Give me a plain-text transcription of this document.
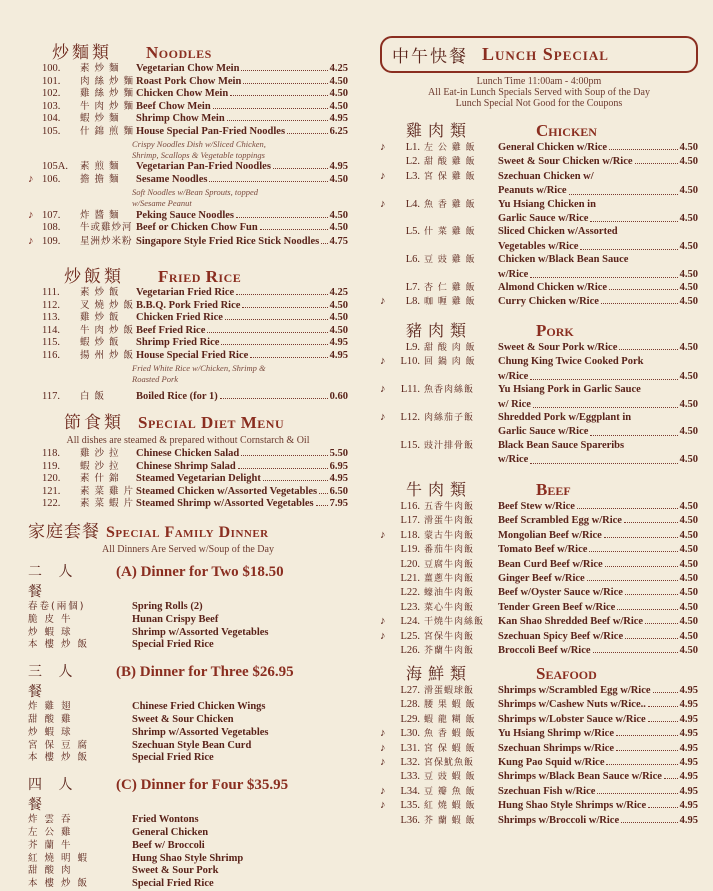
炒麵類 Noodles
100.	素 炒 麵	Vegetarian Chow Mein	4.25
101.	肉 絲 炒 麵 Roast Pork Chow Mein	4.50
102.	雞 絲 炒 麵 Chicken Chow Mein	4.50
103.	牛 肉 炒 麵 Beef Chow Mein	4.50
104.	蝦 炒 麵	Shrimp Chow Mein	4.95
105.	什 錦 煎 麵 House Special Pan-Fried Noodles	6.25
Crispy Noodles Dish w/Sliced Chicken,
Shrimp, Scallops & Vegetable toppings
105A.	素 煎 麵	Vegetarian Pan-Fried Noodles	4.95
♪ 106.	擔 擔 麵	Sesame Noodles	4.50
Soft Noodles w/Bean Sprouts, topped
w/Sesame Peanut
♪ 107.	炸 醬 麵	Peking Sauce Noodles	4.50
108.	牛或雞炒河 Beef or Chicken Chow Fun	4.50
♪ 109.	星洲炒米粉 Singapore Style Fried Rice Stick Noodles 4.75
炒飯類 Fried Rice
111.	素 炒 飯	Vegetarian Fried Rice	4.25
112.	叉 燒 炒 飯 B.B.Q. Pork Fried Rice	4.50
113.	雞 炒 飯	Chicken Fried Rice	4.50
114.	牛 肉 炒 飯 Beef Fried Rice	4.50
115.	蝦 炒 飯	Shrimp Fried Rice	4.95
116.	揚 州 炒 飯 House Special Fried Rice	4.95
Fried White Rice w/Chicken, Shrimp &
Roasted Pork
117.	白 飯	Boiled Rice (for 1)	0.60
節食類 Special Diet Menu
All dishes are steamed & prepared without Cornstarch & Oil
118.	雞 沙 拉	Chinese Chicken Salad	5.50
119.	蝦 沙 拉	Chinese Shrimp Salad	6.95
120.	素 什 錦	Steamed Vegetarian Delight	4.95
121.	素 菜 雞 片 Steamed Chicken w/Assorted Vegetables 6.50
122.	素 菜 蝦 片 Steamed Shrimp w/Assorted Vegetables 7.95
家庭套餐 Special Family Dinner
All Dinners Are Served w/Soup of the Day
二 人 餐
(A) Dinner for Two $18.50
春卷(兩個)	Spring Rolls (2)
脆 皮 牛	Hunan Crispy Beef
炒 蝦 球	Shrimp w/Assorted Vegetables
本 樓 炒 飯	Special Fried Rice
三 人 餐
(B) Dinner for Three $26.95
炸 雞 翅	Chinese Fried Chicken Wings
甜 酸 雞	Sweet & Sour Chicken
炒 蝦 球	Shrimp w/Assorted Vegetables
宮 保 豆 腐	Szechuan Style Bean Curd
本 樓 炒 飯	Special Fried Rice
四 人 餐
(C) Dinner for Four $35.95
炸 雲 吞	Fried Wontons
左 公 雞	General Chicken
芥 蘭 牛	Beef w/ Broccoli
紅 燒 明 蝦	Hung Shao Style Shrimp
甜 酸 肉	Sweet & Sour Pork
本 樓 炒 飯	Special Fried Rice
中午快餐 Lunch Special
Lunch Time 11:00am - 4:00pm
All Eat-in Lunch Specials Served with Soup of the Day
Lunch Special Not Good for the Coupons
雞肉類	Chicken
♪	L1. 左 公 雞 飯	General Chicken w/Rice	4.50
L2. 甜 酸 雞 飯	Sweet & Sour Chicken w/Rice	4.50
♪	L3. 宮 保 雞 飯	Szechuan Chicken w/
Peanuts w/Rice	4.50
♪	L4. 魚 香 雞 飯	Yu Hsiang Chicken in
Garlic Sauce w/Rice	4.50
L5. 什 菜 雞 飯	Sliced Chicken w/Assorted
Vegetables w/Rice	4.50
L6. 豆 豉 雞 飯	Chicken w/Black Bean Sauce
w/Rice	4.50
L7. 杏 仁 雞 飯	Almond Chicken w/Rice	4.50
♪	L8. 咖 喱 雞 飯	Curry Chicken w/Rice	4.50
豬肉類	Pork
L9. 甜 酸 肉 飯	Sweet & Sour Pork w/Rice	4.50
♪	L10. 回 鍋 肉 飯	Chung King Twice Cooked Pork
w/Rice	4.50
♪	L11. 魚香肉絲飯	Yu Hsiang Pork in Garlic Sauce
w/ Rice	4.50
♪	L12. 肉絲茄子飯	Shredded Pork w/Eggplant in
Garlic Sauce w/Rice	4.50
L15. 豉汁排骨飯	Black Bean Sauce Spareribs
w/Rice	4.50
牛肉類	Beef
L16. 五香牛肉飯	Beef Stew w/Rice	4.50
L17. 滑蛋牛肉飯	Beef Scrambled Egg w/Rice	4.50
♪	L18. 蒙古牛肉飯	Mongolian Beef w/Rice	4.50
L19. 番茄牛肉飯	Tomato Beef w/Rice	4.50
L20. 豆腐牛肉飯	Bean Curd Beef w/Rice	4.50
L21. 薑蔥牛肉飯	Ginger Beef w/Rice	4.50
L22. 蠔油牛肉飯	Beef w/Oyster Sauce w/Rice	4.50
L23. 菜心牛肉飯	Tender Green Beef w/Rice	4.50
♪	L24. 干燒牛肉絲飯	Kan Shao Shredded Beef w/Rice	4.50
♪	L25. 宮保牛肉飯	Szechuan Spicy Beef w/Rice	4.50
L26. 芥蘭牛肉飯	Broccoli Beef w/Rice	4.50
海鮮類	Seafood
L27. 滑蛋蝦球飯	Shrimps w/Scrambled Egg w/Rice	4.95
L28. 腰 果 蝦 飯	Shrimps w/Cashew Nuts w/Rice..	4.95
L29. 蝦 龍 糊 飯	Shrimps w/Lobster Sauce w/Rice	4.95
♪	L30. 魚 香 蝦 飯	Yu Hsiang Shrimp w/Rice	4.95
♪	L31. 宮 保 蝦 飯	Szechuan Shrimps w/Rice	4.95
♪	L32. 宮保魷魚飯	Kung Pao Squid w/Rice	4.95
L33. 豆 豉 蝦 飯	Shrimps w/Black Bean Sauce w/Rice 4.95
♪	L34. 豆 瓣 魚 飯	Szechuan Fish w/Rice	4.95
♪	L35. 紅 燒 蝦 飯	Hung Shao Style Shrimps w/Rice	4.95
L36. 芥 蘭 蝦 飯	Shrimps w/Broccoli w/Rice	4.95
